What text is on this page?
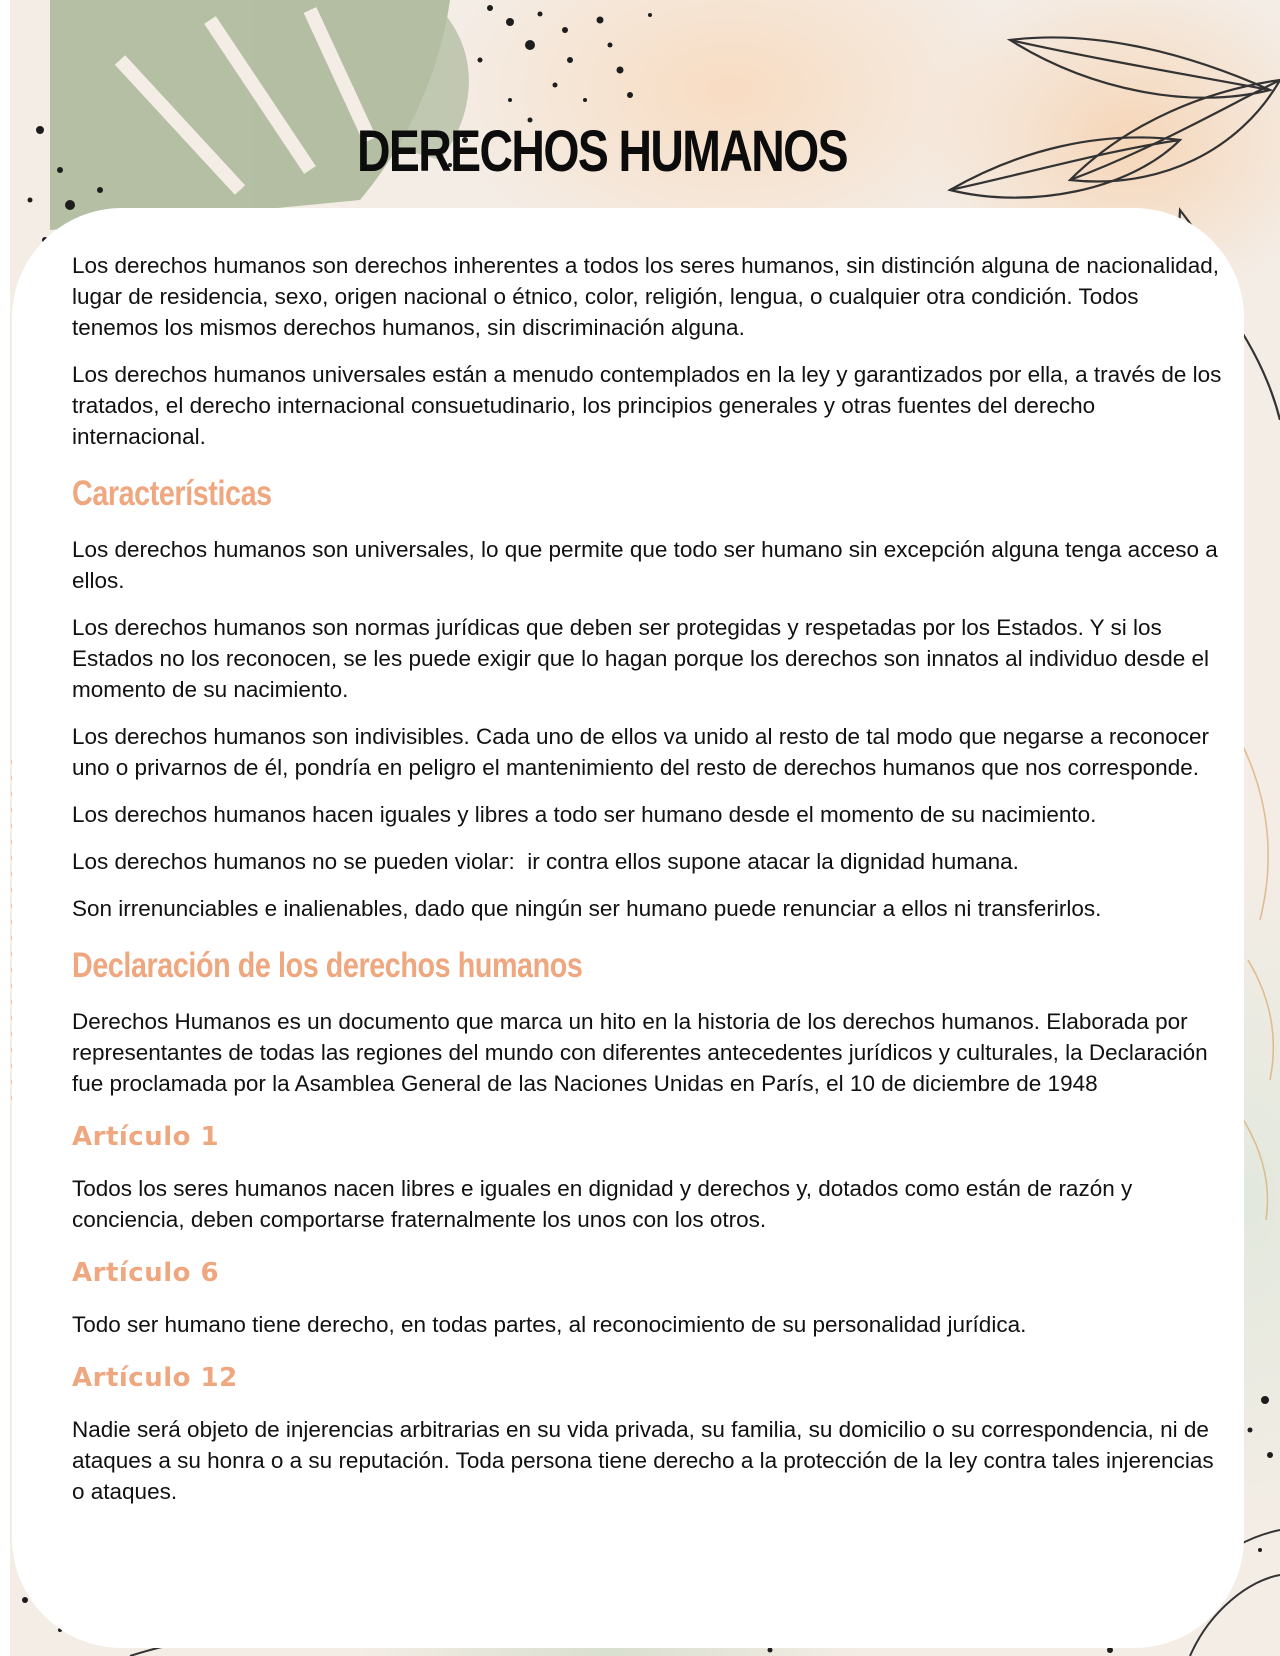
DERECHOS HUMANOS

Los derechos humanos son derechos inherentes a todos los seres humanos, sin distinción alguna de nacionalidad, lugar de residencia, sexo, origen nacional o étnico, color, religión, lengua, o cualquier otra condición. Todos tenemos los mismos derechos humanos, sin discriminación alguna.

Los derechos humanos universales están a menudo contemplados en la ley y garantizados por ella, a través de los tratados, el derecho internacional consuetudinario, los principios generales y otras fuentes del derecho internacional.

Características

Los derechos humanos son universales, lo que permite que todo ser humano sin excepción alguna tenga acceso a ellos.

Los derechos humanos son normas jurídicas que deben ser protegidas y respetadas por los Estados. Y si los Estados no los reconocen, se les puede exigir que lo hagan porque los derechos son innatos al individuo desde el momento de su nacimiento.

Los derechos humanos son indivisibles. Cada uno de ellos va unido al resto de tal modo que negarse a reconocer uno o privarnos de él, pondría en peligro el mantenimiento del resto de derechos humanos que nos corresponde.

Los derechos humanos hacen iguales y libres a todo ser humano desde el momento de su nacimiento.

Los derechos humanos no se pueden violar:  ir contra ellos supone atacar la dignidad humana.

Son irrenunciables e inalienables, dado que ningún ser humano puede renunciar a ellos ni transferirlos.

Declaración de los derechos humanos

Derechos Humanos es un documento que marca un hito en la historia de los derechos humanos. Elaborada por representantes de todas las regiones del mundo con diferentes antecedentes jurídicos y culturales, la Declaración fue proclamada por la Asamblea General de las Naciones Unidas en París, el 10 de diciembre de 1948

Artículo 1

Todos los seres humanos nacen libres e iguales en dignidad y derechos y, dotados como están de razón y conciencia, deben comportarse fraternalmente los unos con los otros.

Artículo 6

Todo ser humano tiene derecho, en todas partes, al reconocimiento de su personalidad jurídica.

Artículo 12

Nadie será objeto de injerencias arbitrarias en su vida privada, su familia, su domicilio o su correspondencia, ni de ataques a su honra o a su reputación. Toda persona tiene derecho a la protección de la ley contra tales injerencias o ataques.
